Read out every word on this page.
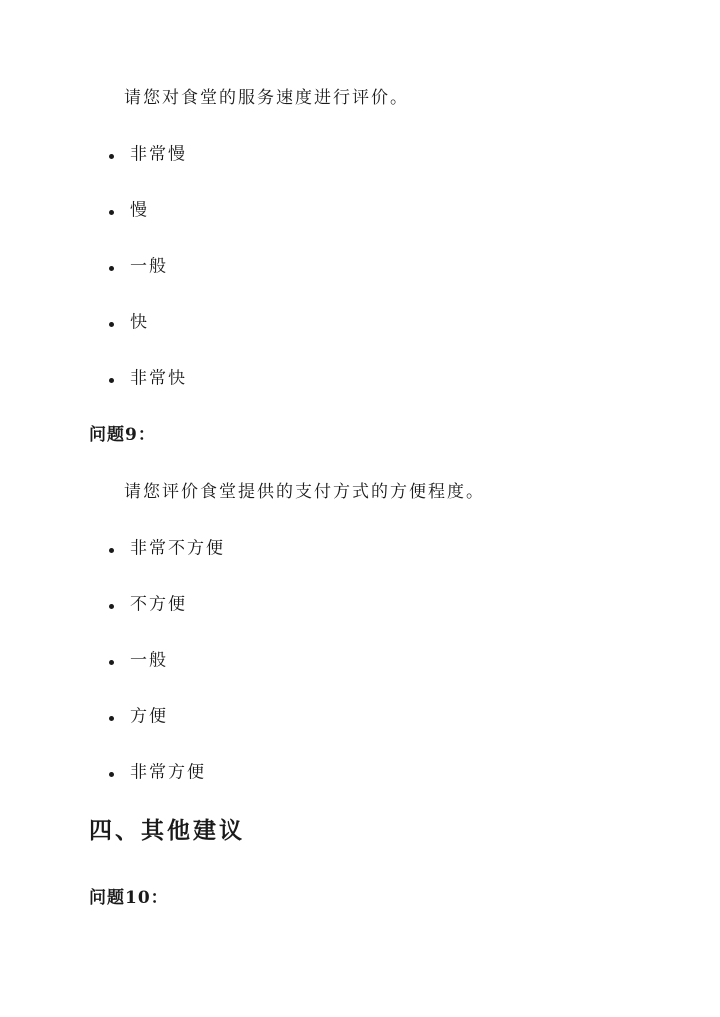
请您对食堂的服务速度进行评价。
非常慢
慢
一般
快
非常快
问题9：
请您评价食堂提供的支付方式的方便程度。
非常不方便
不方便
一般
方便
非常方便
四、其他建议
问题10：
